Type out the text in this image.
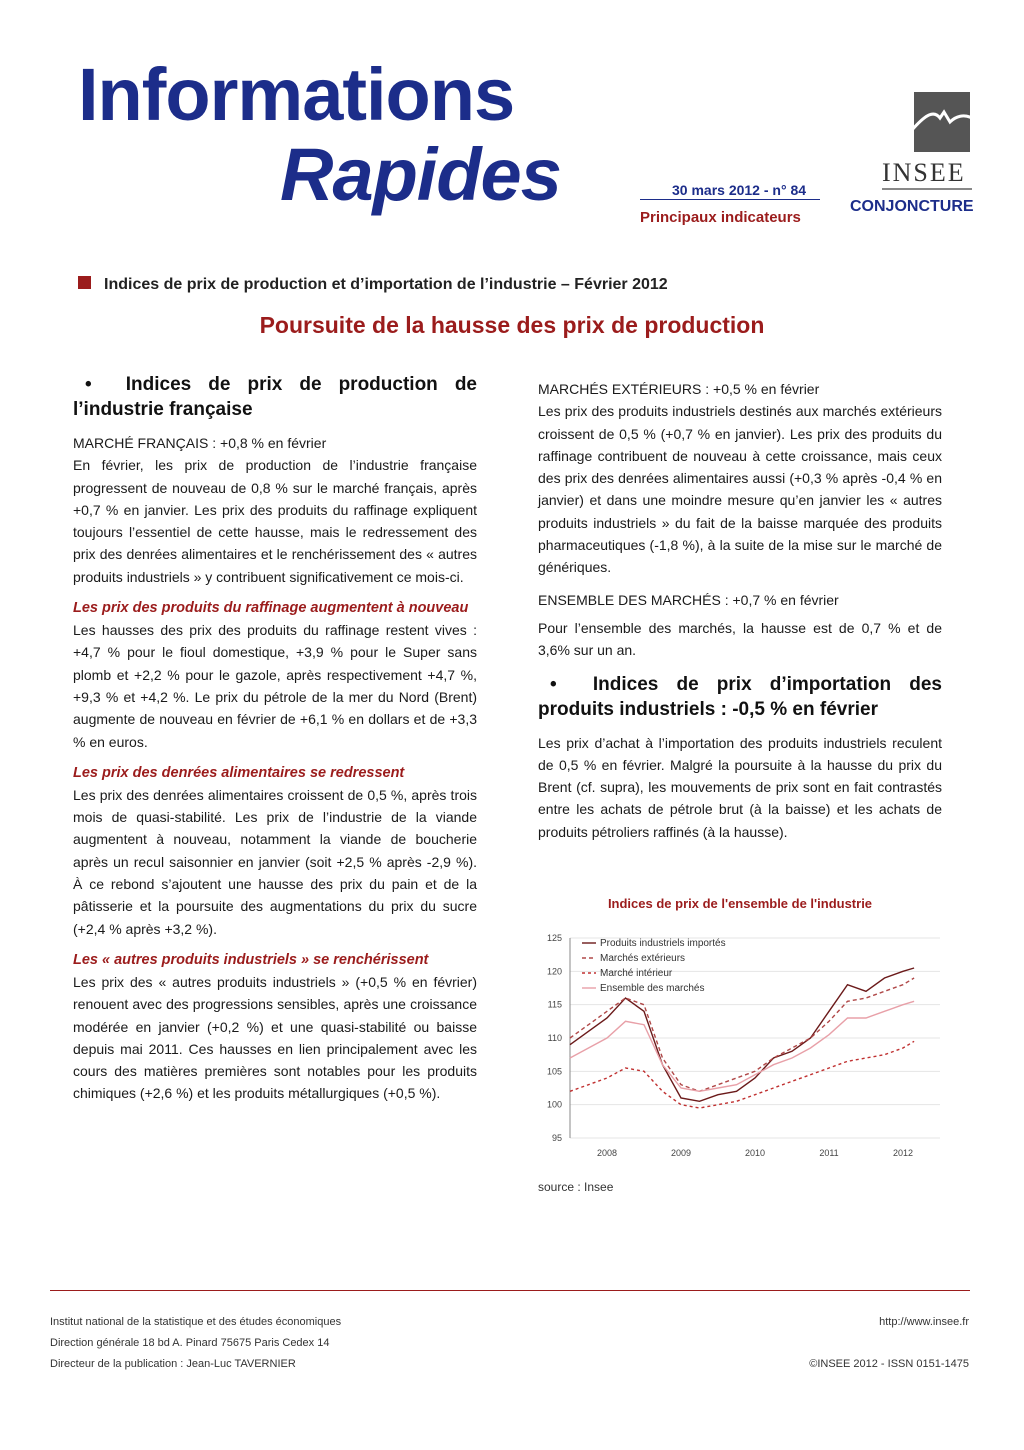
Informations
Rapides	30 mars 2012 - n° 84
Principaux indicateurs
INSEE
CONJONCTURE
Indices de prix de production et d’importation de l’industrie – Février 2012
Poursuite de la hausse des prix de production
•  Indices de prix de production de l’industrie française

MARCHÉ FRANÇAIS : +0,8 % en février

En février, les prix de production de l’industrie française progressent de nouveau de 0,8 % sur le marché français, après +0,7 % en janvier. Les prix des produits du raffinage expliquent toujours l’essentiel de cette hausse, mais le redressement des prix des denrées alimentaires et le renchérissement des « autres produits industriels » y contribuent significativement ce mois-ci.

Les prix des produits du raffinage augmentent à nouveau

Les hausses des prix des produits du raffinage restent vives : +4,7 % pour le fioul domestique, +3,9 % pour le Super sans plomb et +2,2 % pour le gazole, après respectivement +4,7 %, +9,3 % et +4,2 %. Le prix du pétrole de la mer du Nord (Brent) augmente de nouveau en février de +6,1 % en dollars et de +3,3 % en euros.

Les prix des denrées alimentaires se redressent

Les prix des denrées alimentaires croissent de 0,5 %, après trois mois de quasi-stabilité. Les prix de l’industrie de la viande augmentent à nouveau, notamment la viande de boucherie après un recul saisonnier en janvier (soit +2,5 % après -2,9 %). À ce rebond s’ajoutent une hausse des prix du pain et de la pâtisserie et la poursuite des augmentations du prix du sucre (+2,4 % après +3,2 %).

Les « autres produits industriels » se renchérissent

Les prix des « autres produits industriels » (+0,5 % en février) renouent avec des progressions sensibles, après une croissance modérée en janvier (+0,2 %) et une quasi-stabilité ou baisse depuis mai 2011. Ces hausses en lien principalement avec les cours des matières premières sont notables pour les produits chimiques (+2,6 %) et les produits métallurgiques (+0,5 %).

MARCHÉS EXTÉRIEURS : +0,5 % en février

Les prix des produits industriels destinés aux marchés extérieurs croissent de 0,5 % (+0,7 % en janvier). Les prix des produits du raffinage contribuent de nouveau à cette croissance, mais ceux des prix des denrées alimentaires aussi (+0,3 % après -0,4 % en janvier) et dans une moindre mesure qu’en janvier les « autres produits industriels » du fait de la baisse marquée des produits pharmaceutiques (-1,8 %), à la suite de la mise sur le marché de génériques.

ENSEMBLE DES MARCHÉS : +0,7 % en février

Pour l’ensemble des marchés, la hausse est de 0,7 % et de 3,6% sur un an.

•  Indices de prix d’importation des produits industriels : -0,5 % en février

Les prix d’achat à l’importation des produits industriels reculent de 0,5 % en février. Malgré la poursuite à la hausse du prix du Brent (cf. supra), les mouvements de prix sont en fait contrastés entre les achats de pétrole brut (à la baisse) et les achats de produits pétroliers raffinés (à la hausse).

Indices de prix de l'ensemble de l'industrie
95
100
105
110
115
120
125
2008	2009	2010	2011	2012
Produits industriels importés
Marchés extérieurs
Marché intérieur
Ensemble des marchés
source : Insee
Institut national de la statistique et des études économiques
Direction générale 18 bd A. Pinard 75675 Paris Cedex 14
Directeur de la publication : Jean-Luc TAVERNIER
http://www.insee.fr

©INSEE 2012 - ISSN 0151-1475
